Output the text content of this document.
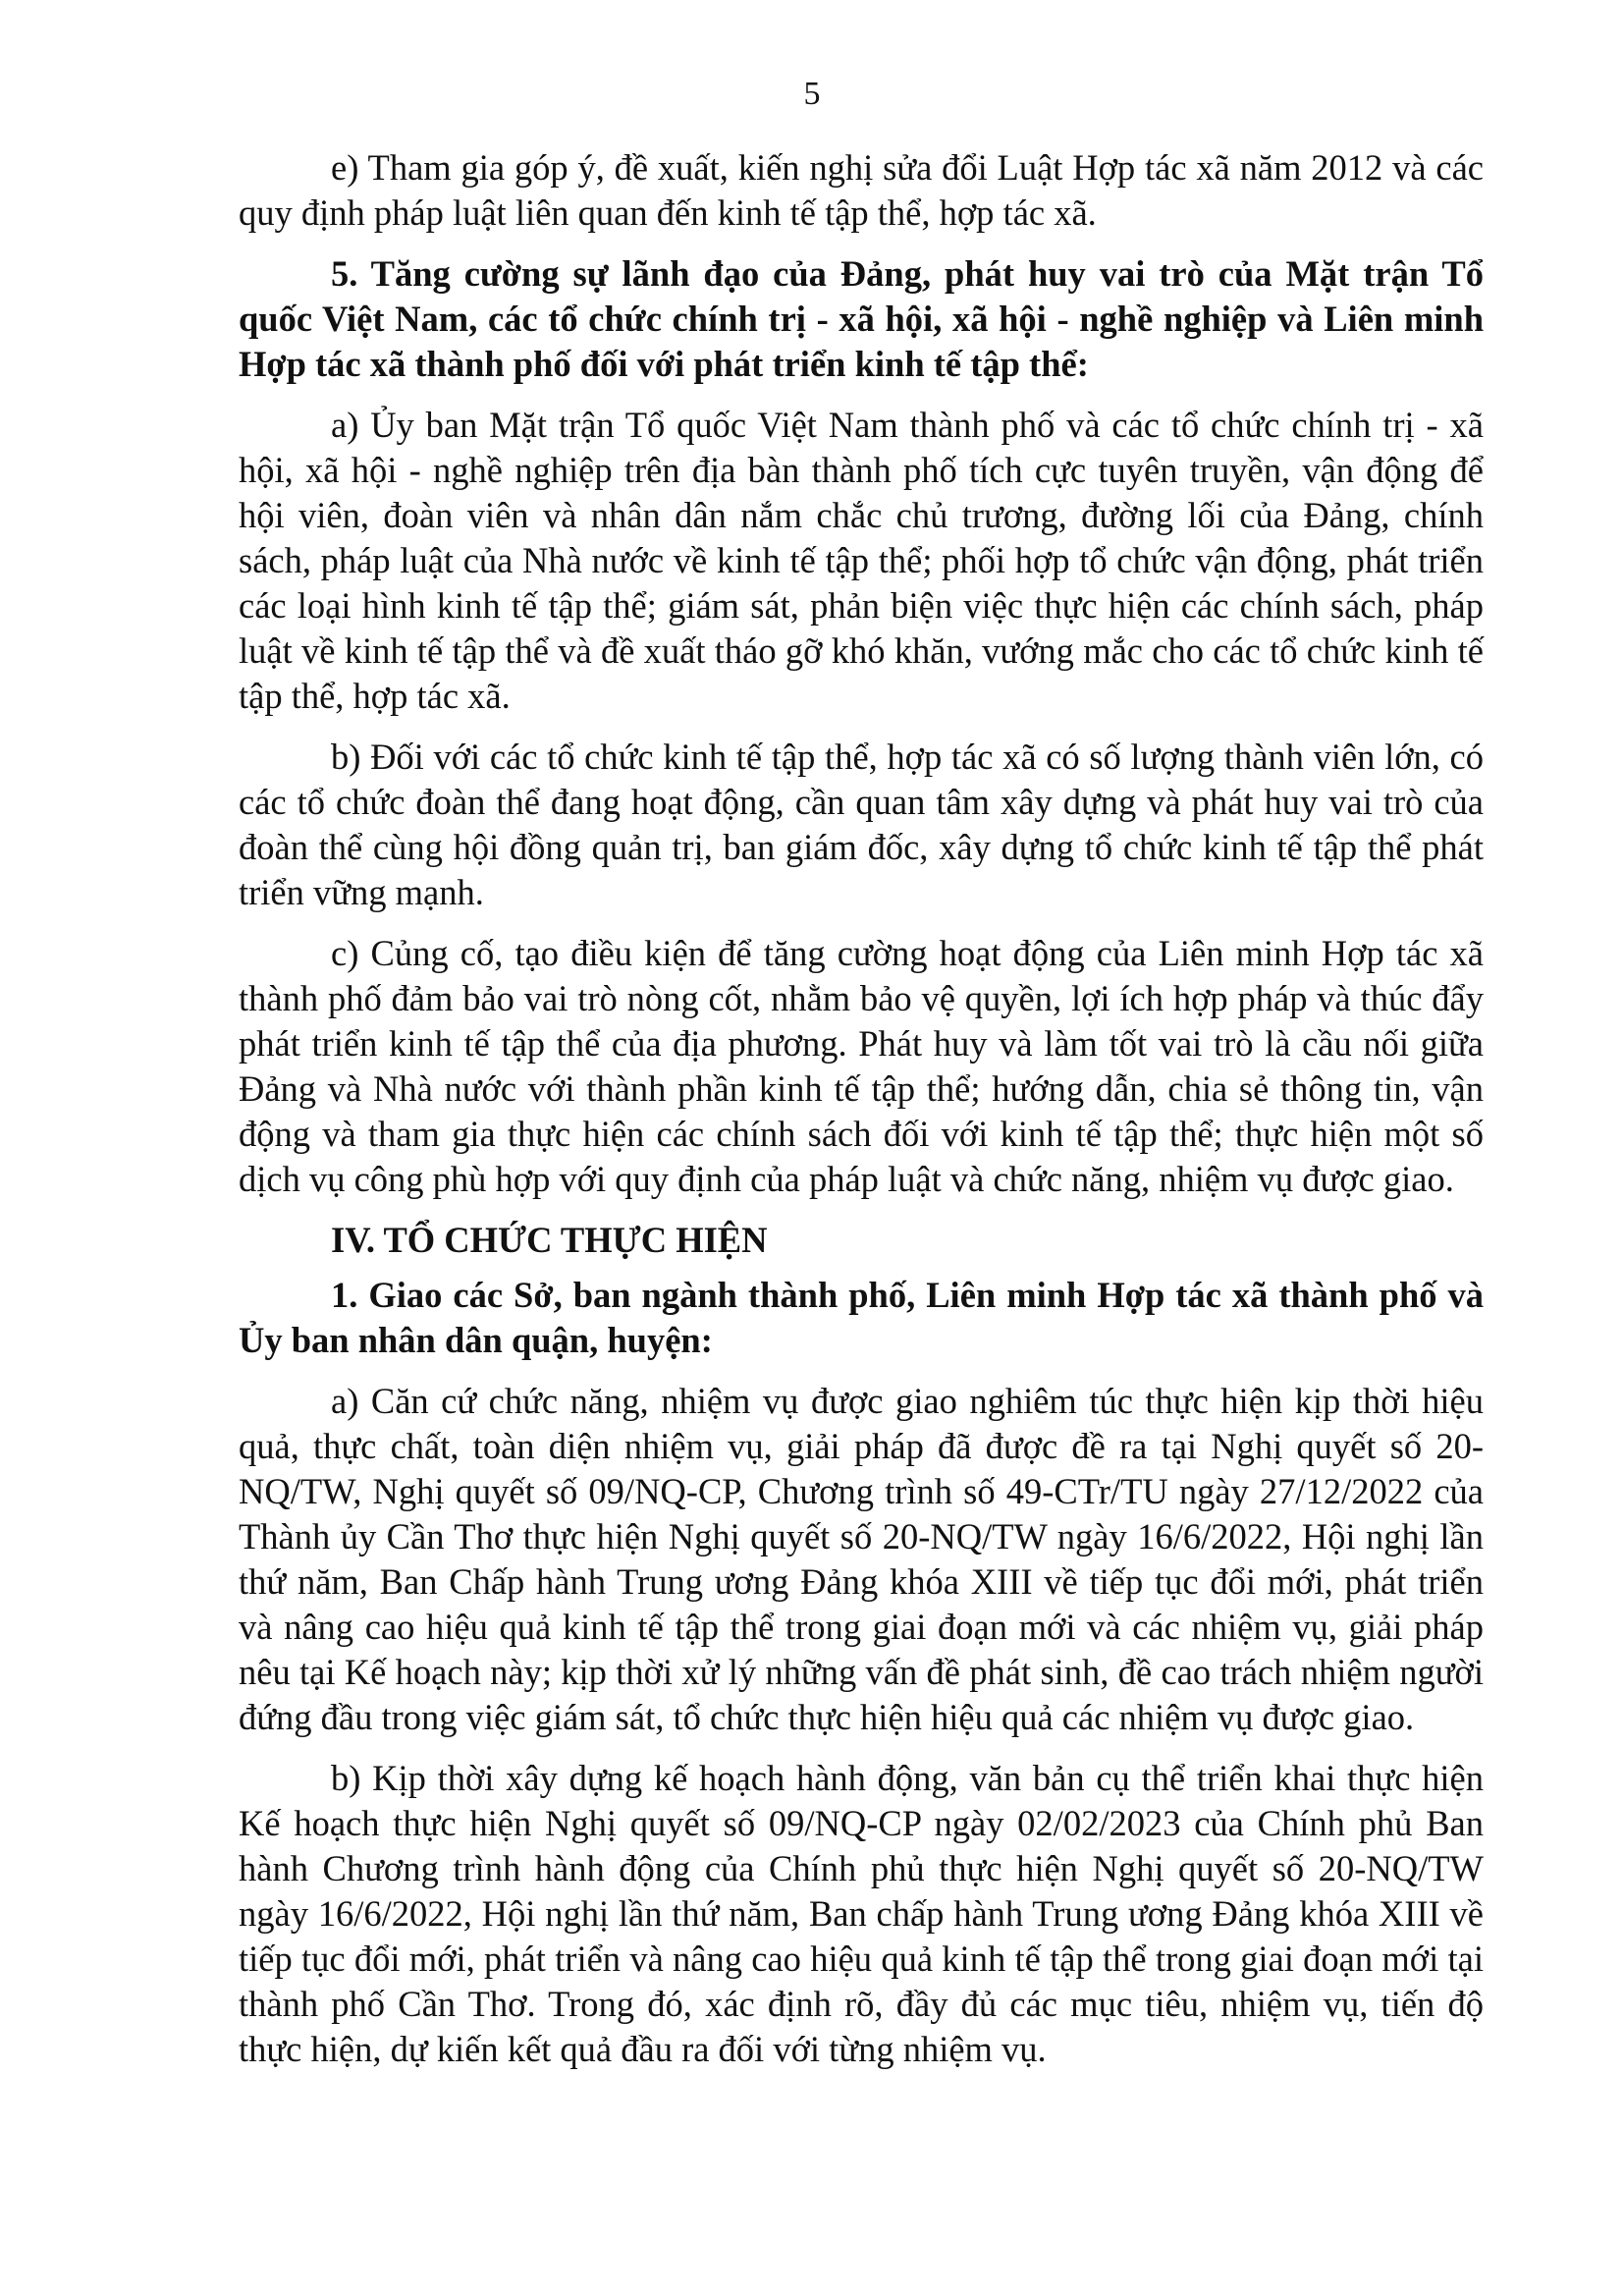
5

e) Tham gia góp ý, đề xuất, kiến nghị sửa đổi Luật Hợp tác xã năm 2012 và các quy định pháp luật liên quan đến kinh tế tập thể, hợp tác xã.

5. Tăng cường sự lãnh đạo của Đảng, phát huy vai trò của Mặt trận Tổ quốc Việt Nam, các tổ chức chính trị - xã hội, xã hội - nghề nghiệp và Liên minh Hợp tác xã thành phố đối với phát triển kinh tế tập thể:

a) Ủy ban Mặt trận Tổ quốc Việt Nam thành phố và các tổ chức chính trị - xã hội, xã hội - nghề nghiệp trên địa bàn thành phố tích cực tuyên truyền, vận động để hội viên, đoàn viên và nhân dân nắm chắc chủ trương, đường lối của Đảng, chính sách, pháp luật của Nhà nước về kinh tế tập thể; phối hợp tổ chức vận động, phát triển các loại hình kinh tế tập thể; giám sát, phản biện việc thực hiện các chính sách, pháp luật về kinh tế tập thể và đề xuất tháo gỡ khó khăn, vướng mắc cho các tổ chức kinh tế tập thể, hợp tác xã.

b) Đối với các tổ chức kinh tế tập thể, hợp tác xã có số lượng thành viên lớn, có các tổ chức đoàn thể đang hoạt động, cần quan tâm xây dựng và phát huy vai trò của đoàn thể cùng hội đồng quản trị, ban giám đốc, xây dựng tổ chức kinh tế tập thể phát triển vững mạnh.

c) Củng cố, tạo điều kiện để tăng cường hoạt động của Liên minh Hợp tác xã thành phố đảm bảo vai trò nòng cốt, nhằm bảo vệ quyền, lợi ích hợp pháp và thúc đẩy phát triển kinh tế tập thể của địa phương. Phát huy và làm tốt vai trò là cầu nối giữa Đảng và Nhà nước với thành phần kinh tế tập thể; hướng dẫn, chia sẻ thông tin, vận động và tham gia thực hiện các chính sách đối với kinh tế tập thể; thực hiện một số dịch vụ công phù hợp với quy định của pháp luật và chức năng, nhiệm vụ được giao.

IV. TỔ CHỨC THỰC HIỆN

1. Giao các Sở, ban ngành thành phố, Liên minh Hợp tác xã thành phố và Ủy ban nhân dân quận, huyện:

a) Căn cứ chức năng, nhiệm vụ được giao nghiêm túc thực hiện kịp thời hiệu quả, thực chất, toàn diện nhiệm vụ, giải pháp đã được đề ra tại Nghị quyết số 20-NQ/TW, Nghị quyết số 09/NQ-CP, Chương trình số 49-CTr/TU ngày 27/12/2022 của Thành ủy Cần Thơ thực hiện Nghị quyết số 20-NQ/TW ngày 16/6/2022, Hội nghị lần thứ năm, Ban Chấp hành Trung ương Đảng khóa XIII về tiếp tục đổi mới, phát triển và nâng cao hiệu quả kinh tế tập thể trong giai đoạn mới và các nhiệm vụ, giải pháp nêu tại Kế hoạch này; kịp thời xử lý những vấn đề phát sinh, đề cao trách nhiệm người đứng đầu trong việc giám sát, tổ chức thực hiện hiệu quả các nhiệm vụ được giao.

b) Kịp thời xây dựng kế hoạch hành động, văn bản cụ thể triển khai thực hiện Kế hoạch thực hiện Nghị quyết số 09/NQ-CP ngày 02/02/2023 của Chính phủ Ban hành Chương trình hành động của Chính phủ thực hiện Nghị quyết số 20-NQ/TW ngày 16/6/2022, Hội nghị lần thứ năm, Ban chấp hành Trung ương Đảng khóa XIII về tiếp tục đổi mới, phát triển và nâng cao hiệu quả kinh tế tập thể trong giai đoạn mới tại thành phố Cần Thơ. Trong đó, xác định rõ, đầy đủ các mục tiêu, nhiệm vụ, tiến độ thực hiện, dự kiến kết quả đầu ra đối với từng nhiệm vụ.
